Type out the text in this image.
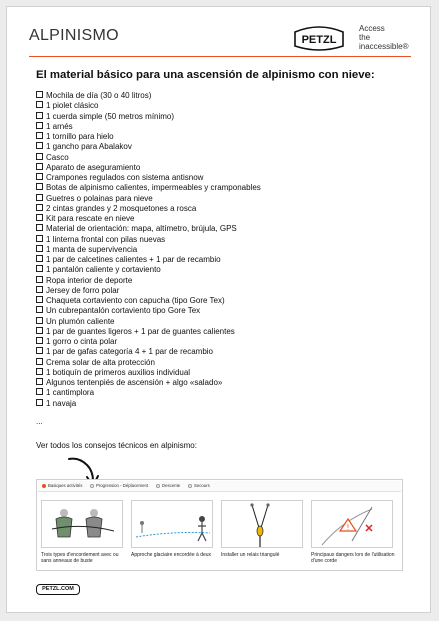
ALPINISMO	PETZL
Access
the
inaccessible®
El material básico para una ascensión de alpinismo con nieve:
Mochila de día (30 o 40 litros)
1 piolet clásico
1 cuerda simple (50 metros mínimo)
1 arnés
1 tornillo para hielo
1 gancho para Abalakov
Casco
Aparato de aseguramiento
Crampones regulados con sistema antisnow
Botas de alpinismo calientes, impermeables y cramponables
Guetres o polainas para nieve
2 cintas grandes y 2 mosquetones a rosca
Kit para rescate en nieve
Material de orientación: mapa, altímetro, brújula, GPS
1 linterna frontal con pilas nuevas
1 manta de supervivencia
1 par de calcetines calientes + 1 par de recambio
1 pantalón caliente y cortaviento
Ropa interior de deporte
Jersey de forro polar
Chaqueta cortaviento con capucha (tipo Gore Tex)
Un cubrepantalón cortaviento tipo Gore Tex
Un plumón caliente
1 par de guantes ligeros + 1 par de guantes calientes
1 gorro o cinta polar
1 par de gafas categoría 4 + 1 par de recambio
Crema solar de alta protección
1 botiquín de primeros auxilios individual
Algunos tentenpiés de ascensión + algo «salado»
1 cantimplora
1 navaja
...
Ver todos los consejos técnicos en alpinismo:
Basiques activités	Progression - Déplacement	Descente	Secours
Trois types d'encordement avec ou sans anneaux de buste
Approche glaciaire encordée à deux	Installer un relais triangulé
!
Principaux dangers lors de l'utilisation d'une corde
PETZL.COM
